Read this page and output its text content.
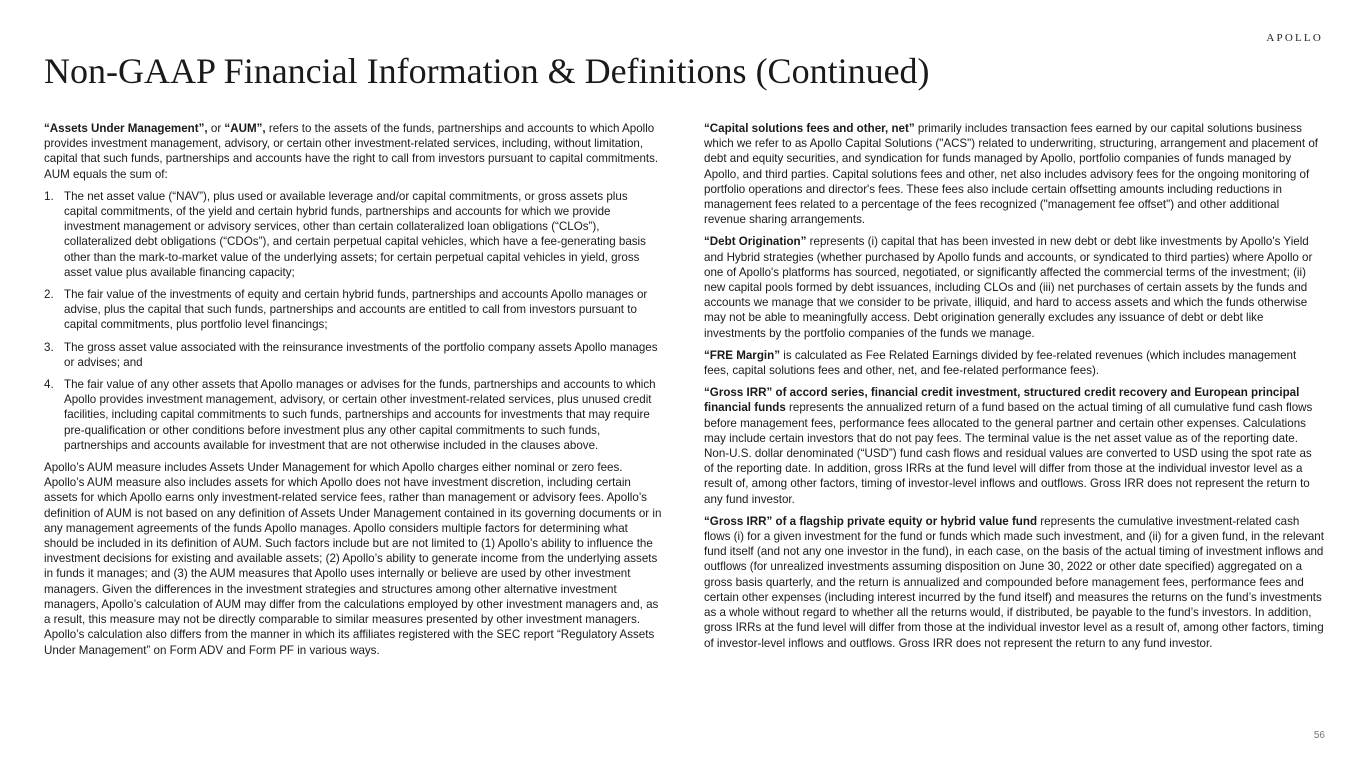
APOLLO
Non-GAAP Financial Information & Definitions (Continued)

“Assets Under Management”, or “AUM”, refers to the assets of the funds, partnerships and accounts to which Apollo provides investment management, advisory, or certain other investment-related services, including, without limitation, capital that such funds, partnerships and accounts have the right to call from investors pursuant to capital commitments. AUM equals the sum of:

1. The net asset value (“NAV”), plus used or available leverage and/or capital commitments, or gross assets plus capital commitments, of the yield and certain hybrid funds, partnerships and accounts for which we provide investment management or advisory services, other than certain collateralized loan obligations (“CLOs”), collateralized debt obligations (“CDOs”), and certain perpetual capital vehicles, which have a fee-generating basis other than the mark-to-market value of the underlying assets; for certain perpetual capital vehicles in yield, gross asset value plus available financing capacity;
2. The fair value of the investments of equity and certain hybrid funds, partnerships and accounts Apollo manages or advise, plus the capital that such funds, partnerships and accounts are entitled to call from investors pursuant to capital commitments, plus portfolio level financings;
3. The gross asset value associated with the reinsurance investments of the portfolio company assets Apollo manages or advises; and
4. The fair value of any other assets that Apollo manages or advises for the funds, partnerships and accounts to which Apollo provides investment management, advisory, or certain other investment-related services, plus unused credit facilities, including capital commitments to such funds, partnerships and accounts for investments that may require pre-qualification or other conditions before investment plus any other capital commitments to such funds, partnerships and accounts available for investment that are not otherwise included in the clauses above.

Apollo’s AUM measure includes Assets Under Management for which Apollo charges either nominal or zero fees. Apollo’s AUM measure also includes assets for which Apollo does not have investment discretion, including certain assets for which Apollo earns only investment-related service fees, rather than management or advisory fees. Apollo’s definition of AUM is not based on any definition of Assets Under Management contained in its governing documents or in any management agreements of the funds Apollo manages. Apollo considers multiple factors for determining what should be included in its definition of AUM. Such factors include but are not limited to (1) Apollo’s ability to influence the investment decisions for existing and available assets; (2) Apollo’s ability to generate income from the underlying assets in funds it manages; and (3) the AUM measures that Apollo uses internally or believe are used by other investment managers. Given the differences in the investment strategies and structures among other alternative investment managers, Apollo’s calculation of AUM may differ from the calculations employed by other investment managers and, as a result, this measure may not be directly comparable to similar measures presented by other investment managers. Apollo’s calculation also differs from the manner in which its affiliates registered with the SEC report “Regulatory Assets Under Management” on Form ADV and Form PF in various ways.

“Capital solutions fees and other, net” primarily includes transaction fees earned by our capital solutions business which we refer to as Apollo Capital Solutions ("ACS") related to underwriting, structuring, arrangement and placement of debt and equity securities, and syndication for funds managed by Apollo, portfolio companies of funds managed by Apollo, and third parties. Capital solutions fees and other, net also includes advisory fees for the ongoing monitoring of portfolio operations and director's fees. These fees also include certain offsetting amounts including reductions in management fees related to a percentage of the fees recognized ("management fee offset") and other additional revenue sharing arrangements.

“Debt Origination” represents (i) capital that has been invested in new debt or debt like investments by Apollo's Yield and Hybrid strategies (whether purchased by Apollo funds and accounts, or syndicated to third parties) where Apollo or one of Apollo's platforms has sourced, negotiated, or significantly affected the commercial terms of the investment; (ii) new capital pools formed by debt issuances, including CLOs and (iii) net purchases of certain assets by the funds and accounts we manage that we consider to be private, illiquid, and hard to access assets and which the funds otherwise may not be able to meaningfully access. Debt origination generally excludes any issuance of debt or debt like investments by the portfolio companies of the funds we manage.

“FRE Margin” is calculated as Fee Related Earnings divided by fee-related revenues (which includes management fees, capital solutions fees and other, net, and fee-related performance fees).

“Gross IRR” of accord series, financial credit investment, structured credit recovery and European principal financial funds represents the annualized return of a fund based on the actual timing of all cumulative fund cash flows before management fees, performance fees allocated to the general partner and certain other expenses. Calculations may include certain investors that do not pay fees. The terminal value is the net asset value as of the reporting date. Non-U.S. dollar denominated (“USD”) fund cash flows and residual values are converted to USD using the spot rate as of the reporting date. In addition, gross IRRs at the fund level will differ from those at the individual investor level as a result of, among other factors, timing of investor-level inflows and outflows. Gross IRR does not represent the return to any fund investor.

“Gross IRR” of a flagship private equity or hybrid value fund represents the cumulative investment-related cash flows (i) for a given investment for the fund or funds which made such investment, and (ii) for a given fund, in the relevant fund itself (and not any one investor in the fund), in each case, on the basis of the actual timing of investment inflows and outflows (for unrealized investments assuming disposition on June 30, 2022 or other date specified) aggregated on a gross basis quarterly, and the return is annualized and compounded before management fees, performance fees and certain other expenses (including interest incurred by the fund itself) and measures the returns on the fund’s investments as a whole without regard to whether all the returns would, if distributed, be payable to the fund’s investors. In addition, gross IRRs at the fund level will differ from those at the individual investor level as a result of, among other factors, timing of investor-level inflows and outflows. Gross IRR does not represent the return to any fund investor.

56
